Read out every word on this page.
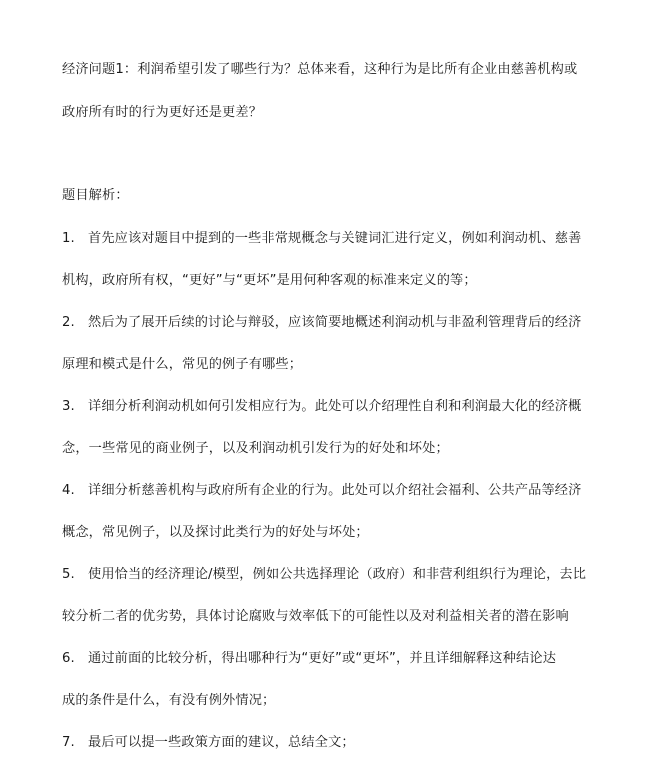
经济问题1：利润希望引发了哪些行为？总体来看，这种行为是比所有企业由慈善机构或
政府所有时的行为更好还是更差？
题目解析：
1. 首先应该对题目中提到的一些非常规概念与关键词汇进行定义，例如利润动机、慈善
机构，政府所有权，“更好”与“更坏”是用何种客观的标准来定义的等；
2. 然后为了展开后续的讨论与辩驳，应该简要地概述利润动机与非盈利管理背后的经济
原理和模式是什么，常见的例子有哪些；
3. 详细分析利润动机如何引发相应行为。此处可以介绍理性自利和利润最大化的经济概
念，一些常见的商业例子，以及利润动机引发行为的好处和坏处；
4. 详细分析慈善机构与政府所有企业的行为。此处可以介绍社会福利、公共产品等经济
概念，常见例子，以及探讨此类行为的好处与坏处；
5. 使用恰当的经济理论/模型，例如公共选择理论（政府）和非营利组织行为理论，去比
较分析二者的优劣势，具体讨论腐败与效率低下的可能性以及对利益相关者的潜在影响
6. 通过前面的比较分析，得出哪种行为“更好”或“更坏”，并且详细解释这种结论达
成的条件是什么，有没有例外情况；
7. 最后可以提一些政策方面的建议，总结全文；
